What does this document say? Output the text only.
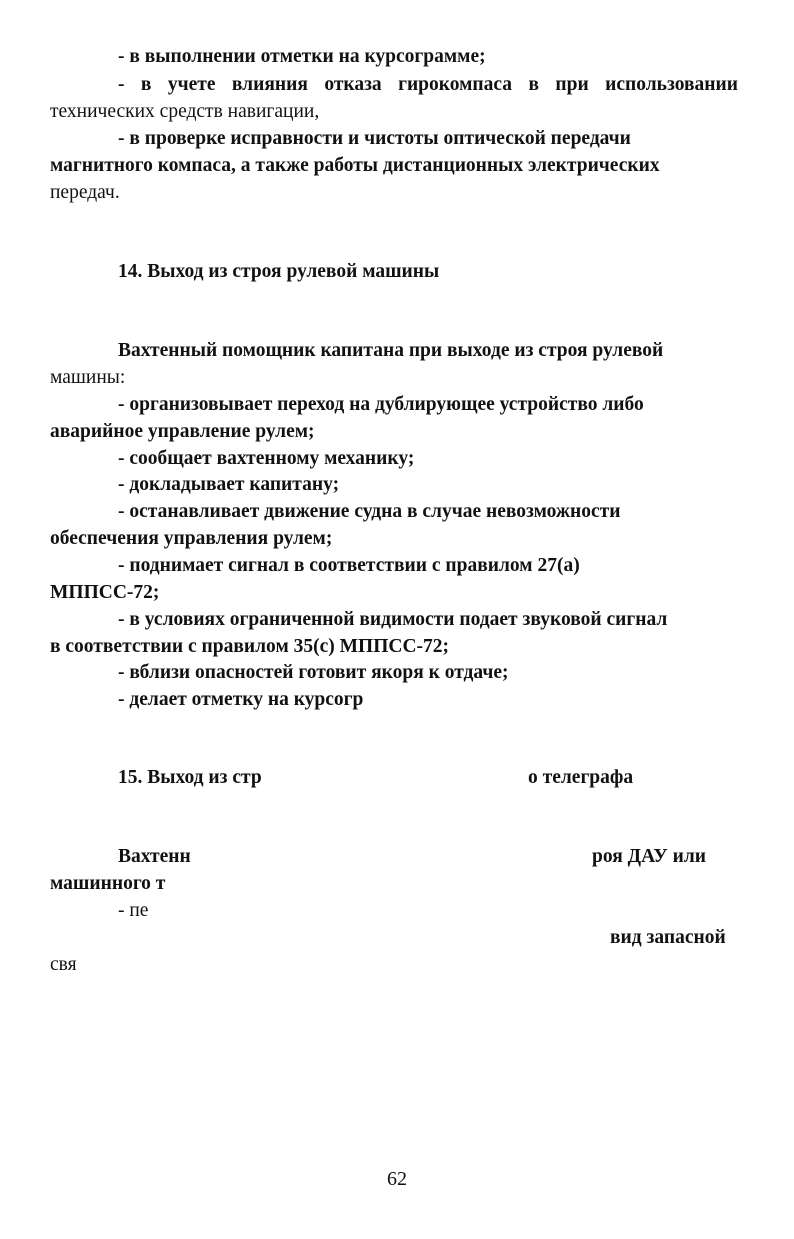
- в выполнении отметки на курсограмме;
- в учете влияния отказа гирокомпаса в при использовании
технических средств навигации,
- в проверке исправности и чистоты оптической передачи
магнитного компаса, а также работы дистанционных электрических
передач.
14. Выход из строя рулевой машины
Вахтенный помощник капитана при выходе из строя рулевой
машины:
- организовывает переход на дублирующее устройство либо
аварийное управление рулем;
- сообщает вахтенному механику;
- докладывает капитану;
- останавливает движение судна в случае невозможности
обеспечения управления рулем;
- поднимает сигнал в соответствии с правилом 27(а)
МППСС-72;
- в условиях ограниченной видимости подает звуковой сигнал
в соответствии с правилом 35(с) МППСС-72;
- вблизи опасностей готовит якоря к отдаче;
- делает отметку на курсогр
15. Выход из стр	о телеграфа
Вахтенн	роя ДАУ или
машинного т
- пе
вид запасной
свя
62
